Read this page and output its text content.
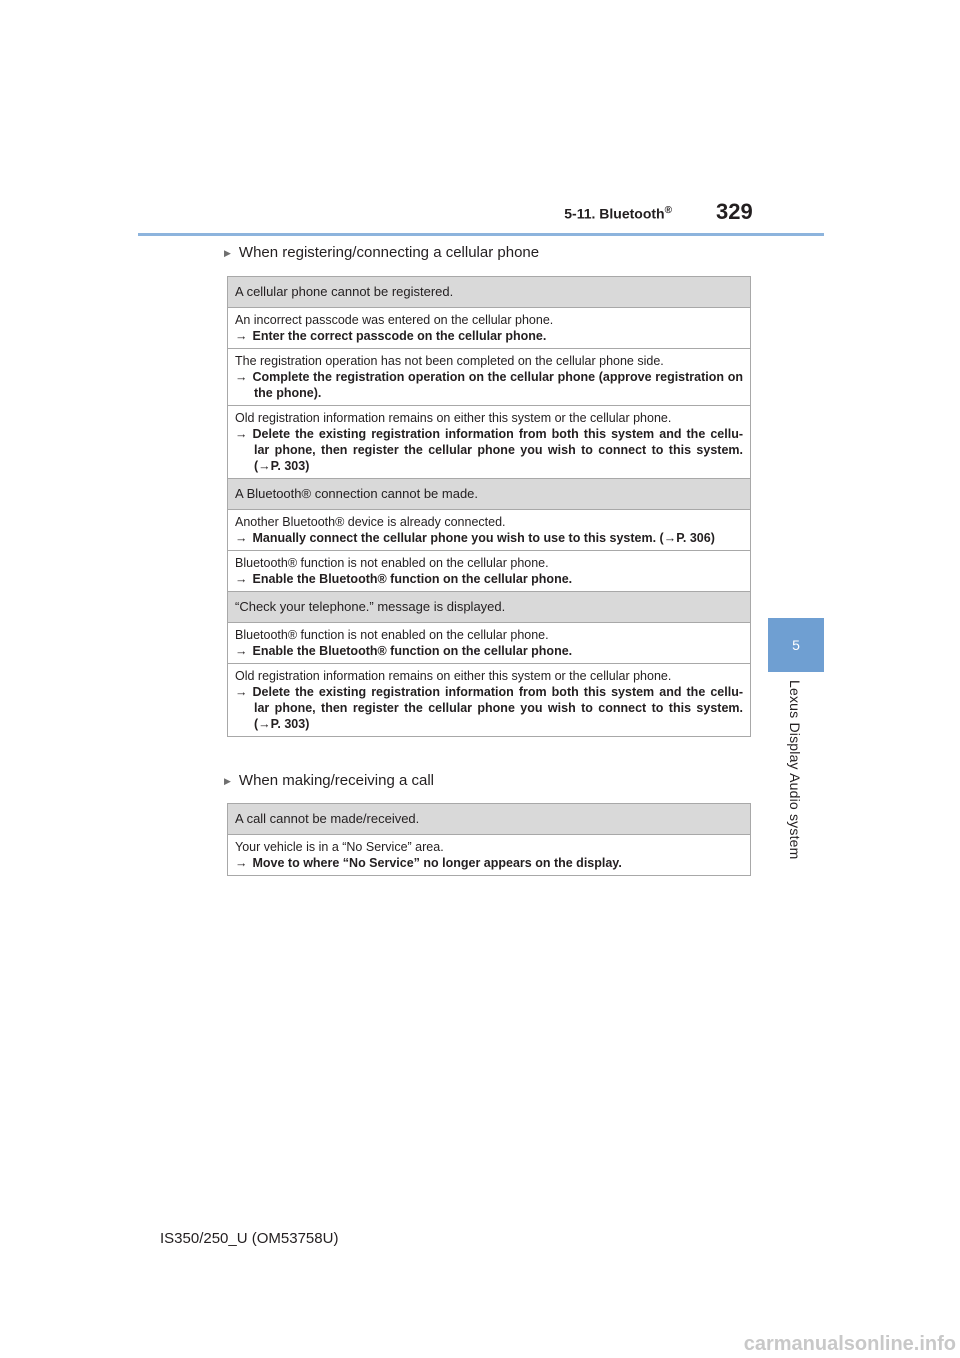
5-11. Bluetooth® 329
5
Lexus Display Audio system
▶ When registering/connecting a cellular phone
A cellular phone cannot be registered.

An incorrect passcode was entered on the cellular phone.
→ Enter the correct passcode on the cellular phone.

The registration operation has not been completed on the cellular phone side.
→ Complete the registration operation on the cellular phone (approve registration on the phone).

Old registration information remains on either this system or the cellular phone.
→ Delete the existing registration information from both this system and the cellu- lar phone, then register the cellular phone you wish to connect to this system. (→P. 303)

A Bluetooth® connection cannot be made.

Another Bluetooth® device is already connected.
→ Manually connect the cellular phone you wish to use to this system. (→P. 306)

Bluetooth® function is not enabled on the cellular phone.
→ Enable the Bluetooth® function on the cellular phone.

“Check your telephone.” message is displayed.

Bluetooth® function is not enabled on the cellular phone.
→ Enable the Bluetooth® function on the cellular phone.

Old registration information remains on either this system or the cellular phone.
→ Delete the existing registration information from both this system and the cellu- lar phone, then register the cellular phone you wish to connect to this system. (→P. 303)
▶ When making/receiving a call
A call cannot be made/received.

Your vehicle is in a “No Service” area.
→ Move to where “No Service” no longer appears on the display.
IS350/250_U (OM53758U)
carmanualsonline.info
